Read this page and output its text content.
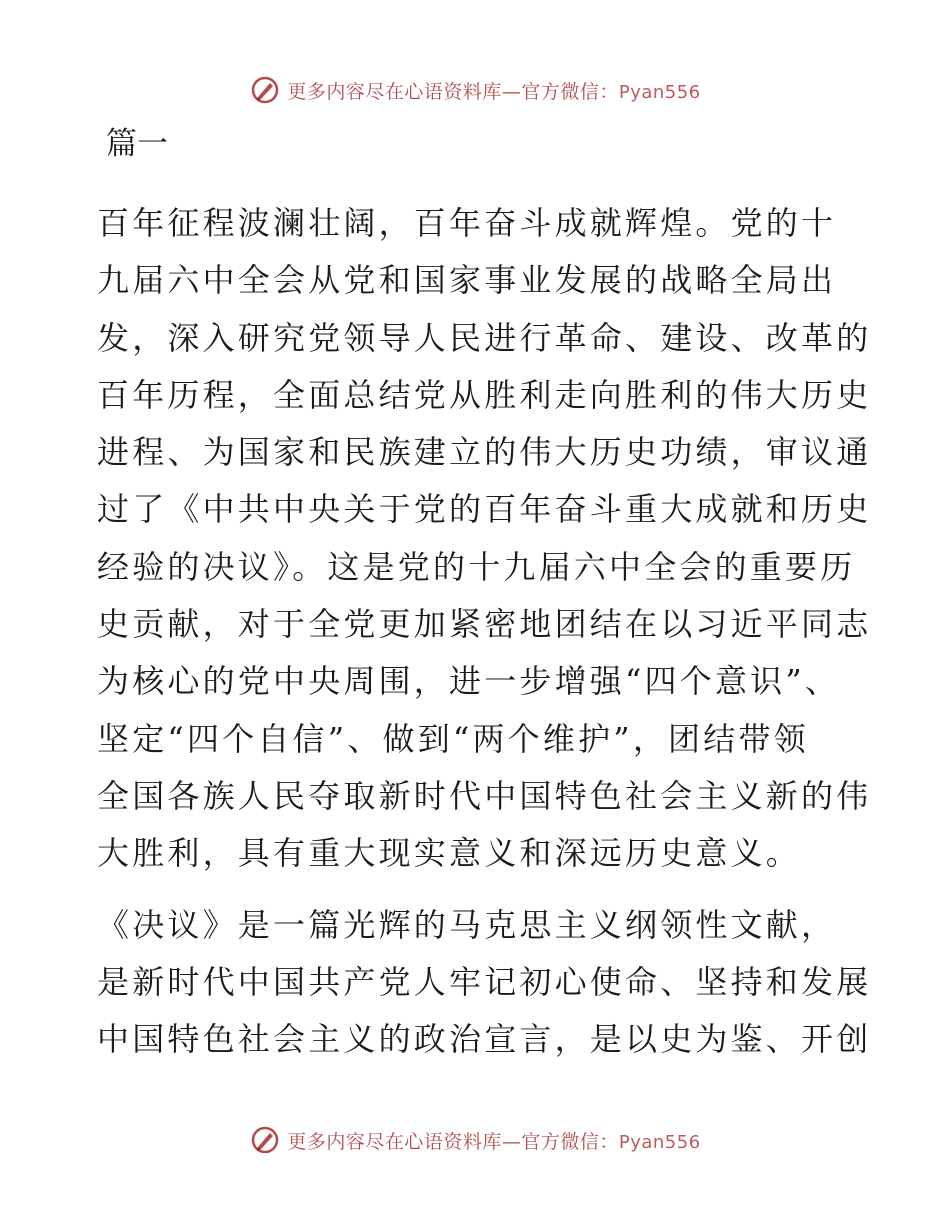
更多内容尽在心语资料库—官方微信：Pyan556
篇一

百年征程波澜壮阔，百年奋斗成就辉煌。党的十
九届六中全会从党和国家事业发展的战略全局出
发，深入研究党领导人民进行革命、建设、改革的
百年历程，全面总结党从胜利走向胜利的伟大历史
进程、为国家和民族建立的伟大历史功绩，审议通
过了《中共中央关于党的百年奋斗重大成就和历史
经验的决议》。这是党的十九届六中全会的重要历
史贡献，对于全党更加紧密地团结在以习近平同志
为核心的党中央周围，进一步增强“四个意识”、
坚定“四个自信”、做到“两个维护”，团结带领
全国各族人民夺取新时代中国特色社会主义新的伟
大胜利，具有重大现实意义和深远历史意义。

《决议》是一篇光辉的马克思主义纲领性文献，
是新时代中国共产党人牢记初心使命、坚持和发展
中国特色社会主义的政治宣言，是以史为鉴、开创

更多内容尽在心语资料库—官方微信：Pyan556
